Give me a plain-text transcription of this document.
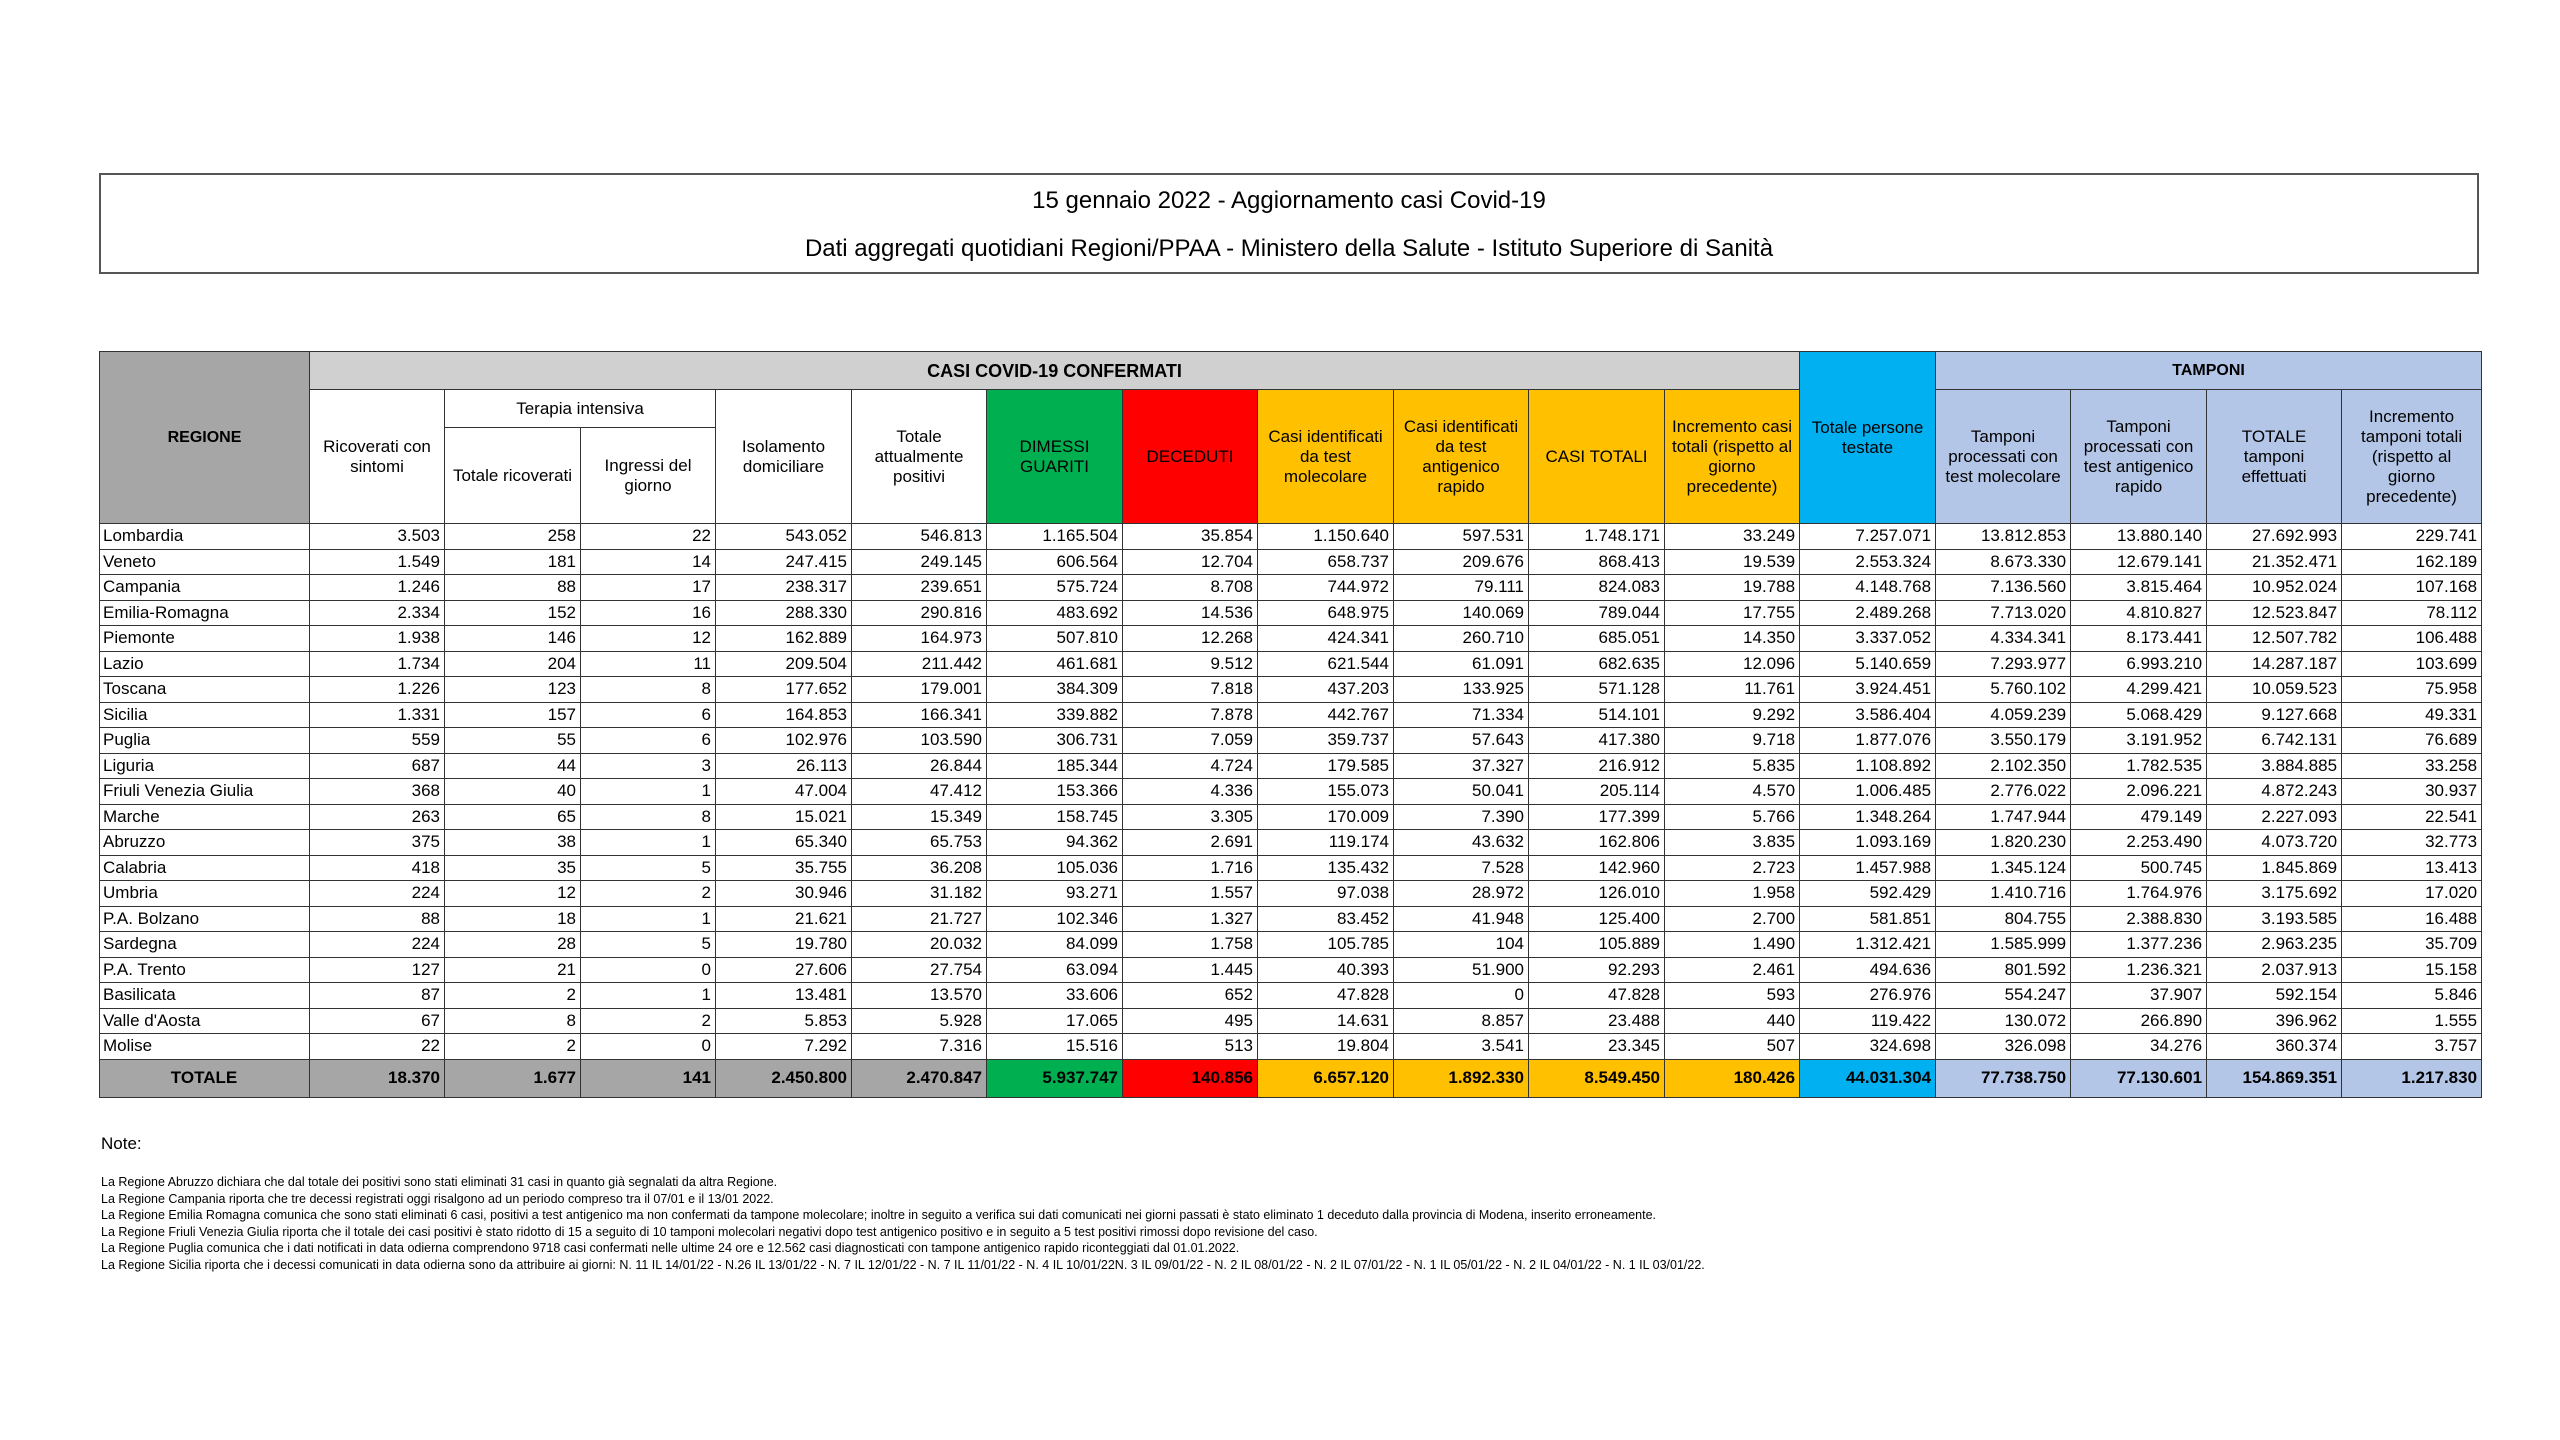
15 gennaio 2022 - Aggiornamento casi Covid-19
Dati aggregati quotidiani Regioni/PPAA - Ministero della Salute - Istituto Superiore di Sanità
REGIONE	CASI COVID-19 CONFERMATI											Totale persone testate	TAMPONI			
	Ricoverati con sintomi	Terapia intensiva		Isolamento domiciliare	Totale attualmente positivi	DIMESSI GUARITI	DECEDUTI	Casi identificati da test molecolare	Casi identificati da test antigenico rapido	CASI TOTALI	Incremento casi totali (rispetto al giorno precedente)		Tamponi processati con test molecolare	Tamponi processati con test antigenico rapido	TOTALE tamponi effettuati	Incremento tamponi totali (rispetto al giorno precedente)
		Totale ricoverati	Ingressi del giorno													
Lombardia	3.503	258	22	543.052	546.813	1.165.504	35.854	1.150.640	597.531	1.748.171	33.249	7.257.071	13.812.853	13.880.140	27.692.993	229.741
Veneto	1.549	181	14	247.415	249.145	606.564	12.704	658.737	209.676	868.413	19.539	2.553.324	8.673.330	12.679.141	21.352.471	162.189
Campania	1.246	88	17	238.317	239.651	575.724	8.708	744.972	79.111	824.083	19.788	4.148.768	7.136.560	3.815.464	10.952.024	107.168
Emilia-Romagna	2.334	152	16	288.330	290.816	483.692	14.536	648.975	140.069	789.044	17.755	2.489.268	7.713.020	4.810.827	12.523.847	78.112
Piemonte	1.938	146	12	162.889	164.973	507.810	12.268	424.341	260.710	685.051	14.350	3.337.052	4.334.341	8.173.441	12.507.782	106.488
Lazio	1.734	204	11	209.504	211.442	461.681	9.512	621.544	61.091	682.635	12.096	5.140.659	7.293.977	6.993.210	14.287.187	103.699
Toscana	1.226	123	8	177.652	179.001	384.309	7.818	437.203	133.925	571.128	11.761	3.924.451	5.760.102	4.299.421	10.059.523	75.958
Sicilia	1.331	157	6	164.853	166.341	339.882	7.878	442.767	71.334	514.101	9.292	3.586.404	4.059.239	5.068.429	9.127.668	49.331
Puglia	559	55	6	102.976	103.590	306.731	7.059	359.737	57.643	417.380	9.718	1.877.076	3.550.179	3.191.952	6.742.131	76.689
Liguria	687	44	3	26.113	26.844	185.344	4.724	179.585	37.327	216.912	5.835	1.108.892	2.102.350	1.782.535	3.884.885	33.258
Friuli Venezia Giulia	368	40	1	47.004	47.412	153.366	4.336	155.073	50.041	205.114	4.570	1.006.485	2.776.022	2.096.221	4.872.243	30.937
Marche	263	65	8	15.021	15.349	158.745	3.305	170.009	7.390	177.399	5.766	1.348.264	1.747.944	479.149	2.227.093	22.541
Abruzzo	375	38	1	65.340	65.753	94.362	2.691	119.174	43.632	162.806	3.835	1.093.169	1.820.230	2.253.490	4.073.720	32.773
Calabria	418	35	5	35.755	36.208	105.036	1.716	135.432	7.528	142.960	2.723	1.457.988	1.345.124	500.745	1.845.869	13.413
Umbria	224	12	2	30.946	31.182	93.271	1.557	97.038	28.972	126.010	1.958	592.429	1.410.716	1.764.976	3.175.692	17.020
P.A. Bolzano	88	18	1	21.621	21.727	102.346	1.327	83.452	41.948	125.400	2.700	581.851	804.755	2.388.830	3.193.585	16.488
Sardegna	224	28	5	19.780	20.032	84.099	1.758	105.785	104	105.889	1.490	1.312.421	1.585.999	1.377.236	2.963.235	35.709
P.A. Trento	127	21	0	27.606	27.754	63.094	1.445	40.393	51.900	92.293	2.461	494.636	801.592	1.236.321	2.037.913	15.158
Basilicata	87	2	1	13.481	13.570	33.606	652	47.828	0	47.828	593	276.976	554.247	37.907	592.154	5.846
Valle d'Aosta	67	8	2	5.853	5.928	17.065	495	14.631	8.857	23.488	440	119.422	130.072	266.890	396.962	1.555
Molise	22	2	0	7.292	7.316	15.516	513	19.804	3.541	23.345	507	324.698	326.098	34.276	360.374	3.757
TOTALE	18.370	1.677	141	2.450.800	2.470.847	5.937.747	140.856	6.657.120	1.892.330	8.549.450	180.426	44.031.304	77.738.750	77.130.601	154.869.351	1.217.830
Note:
La Regione Abruzzo dichiara che dal totale dei positivi sono stati eliminati 31 casi in quanto già segnalati da altra Regione.
La Regione Campania riporta che tre decessi registrati oggi risalgono ad un periodo compreso tra il 07/01 e il 13/01 2022.
La Regione Emilia Romagna comunica che sono stati eliminati 6 casi, positivi a test antigenico ma non confermati da tampone molecolare; inoltre in seguito a verifica sui dati comunicati nei giorni passati è stato eliminato 1 deceduto dalla provincia di Modena, inserito erroneamente.
La Regione Friuli Venezia Giulia riporta che il totale dei casi positivi è stato ridotto di 15 a seguito di 10 tamponi molecolari negativi dopo test antigenico positivo e in seguito a 5 test positivi rimossi dopo revisione del caso.
La Regione Puglia comunica che i dati notificati in data odierna comprendono 9718 casi confermati nelle ultime 24 ore e 12.562 casi diagnosticati con tampone antigenico rapido riconteggiati dal 01.01.2022.
La Regione Sicilia riporta che i decessi comunicati in data odierna sono da attribuire ai giorni: N. 11 IL 14/01/22 - N.26 IL 13/01/22 - N. 7 IL 12/01/22 - N. 7 IL 11/01/22 - N. 4 IL 10/01/22N. 3 IL 09/01/22 - N. 2 IL 08/01/22 - N. 2 IL 07/01/22 - N. 1 IL 05/01/22 - N. 2 IL 04/01/22 - N. 1 IL 03/01/22.
